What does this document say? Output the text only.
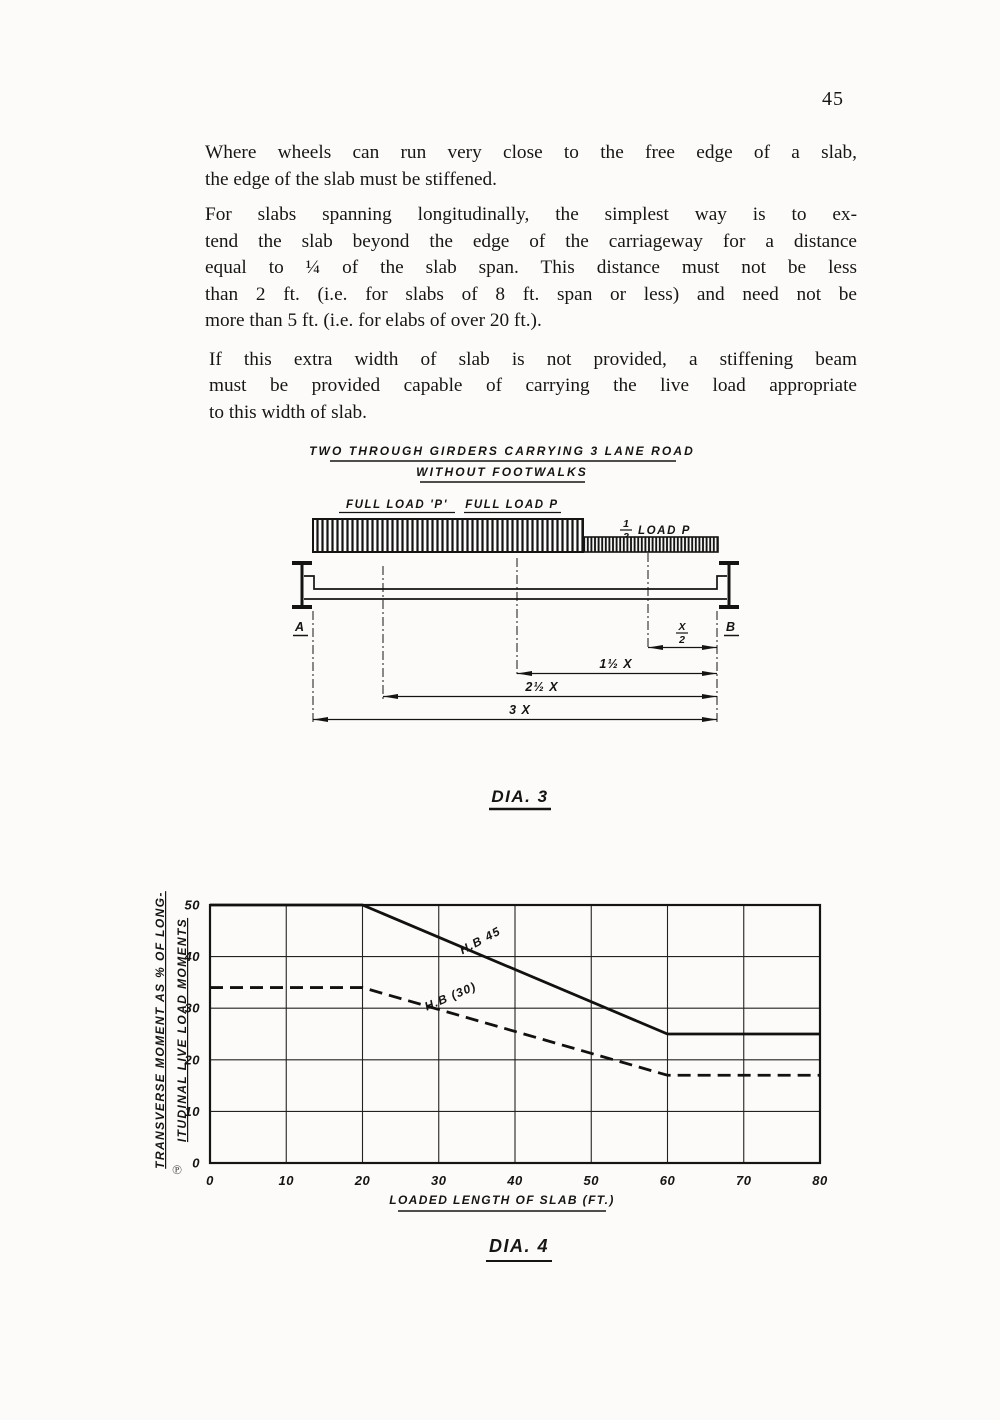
45
Where wheels can run very close to the free edge of a slab,
the edge of the slab must be stiffened.
For slabs spanning longitudinally, the simplest way is to ex-
tend the slab beyond the edge of the carriageway for a distance
equal to ¼ of the slab span. This distance must not be less
than 2 ft. (i.e. for slabs of 8 ft. span or less) and need not be
more than 5 ft. (i.e. for elabs of over 20 ft.).
If this extra width of slab is not provided, a stiffening beam
must be provided capable of carrying the live load appropriate
to this width of slab.
TWO THROUGH GIRDERS CARRYING 3 LANE ROAD
WITHOUT FOOTWALKS
FULL LOAD 'P' FULL LOAD P
1
LOAD P
A	B
X
2
1½ X
2½ X
3 X
DIA. 3
0	10	20	30	40	50	60	70	80
0
10
20
30
40
50
H.B 45
H.B (30)
TRANSVERSE MOMENT AS % OF LONG- ITUDINAL LIVE LOAD MOMENTS
LOADED LENGTH OF SLAB (FT.)
℗
DIA. 4
